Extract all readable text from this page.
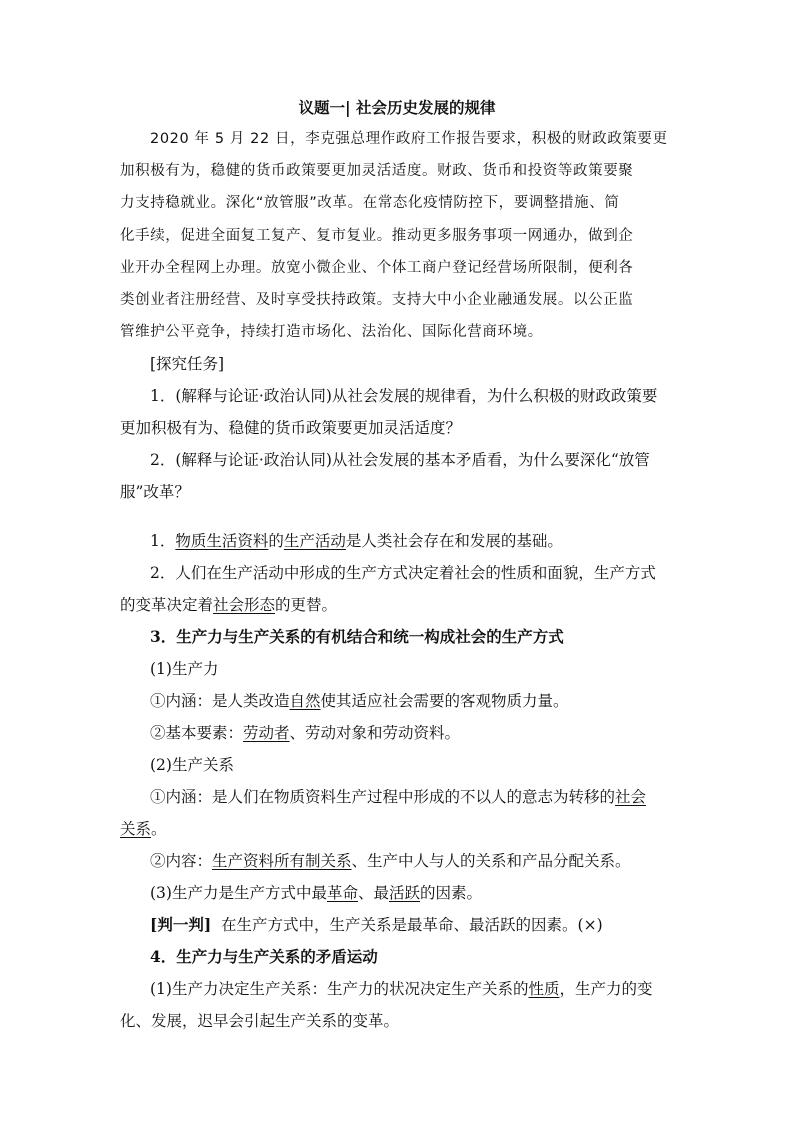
议题一| 社会历史发展的规律
2020 年 5 月 22 日，李克强总理作政府工作报告要求，积极的财政政策要更
加积极有为，稳健的货币政策要更加灵活适度。财政、货币和投资等政策要聚
力支持稳就业。深化“放管服”改革。在常态化疫情防控下，要调整措施、简
化手续，促进全面复工复产、复市复业。推动更多服务事项一网通办，做到企
业开办全程网上办理。放宽小微企业、个体工商户登记经营场所限制，便利各
类创业者注册经营、及时享受扶持政策。支持大中小企业融通发展。以公正监
管维护公平竞争，持续打造市场化、法治化、国际化营商环境。
[探究任务]
1．(解释与论证·政治认同)从社会发展的规律看，为什么积极的财政政策要
更加积极有为、稳健的货币政策要更加灵活适度？
2．(解释与论证·政治认同)从社会发展的基本矛盾看，为什么要深化“放管
服”改革？
1．物质生活资料的生产活动是人类社会存在和发展的基础。
2．人们在生产活动中形成的生产方式决定着社会的性质和面貌，生产方式
的变革决定着社会形态的更替。
3．生产力与生产关系的有机结合和统一构成社会的生产方式
(1)生产力
①内涵：是人类改造自然使其适应社会需要的客观物质力量。
②基本要素：劳动者、劳动对象和劳动资料。
(2)生产关系
①内涵：是人们在物质资料生产过程中形成的不以人的意志为转移的社会
关系。
②内容：生产资料所有制关系、生产中人与人的关系和产品分配关系。
(3)生产力是生产方式中最革命、最活跃的因素。
[判一判] 在生产方式中，生产关系是最革命、最活跃的因素。(×)
4．生产力与生产关系的矛盾运动
(1)生产力决定生产关系：生产力的状况决定生产关系的性质，生产力的变
化、发展，迟早会引起生产关系的变革。
